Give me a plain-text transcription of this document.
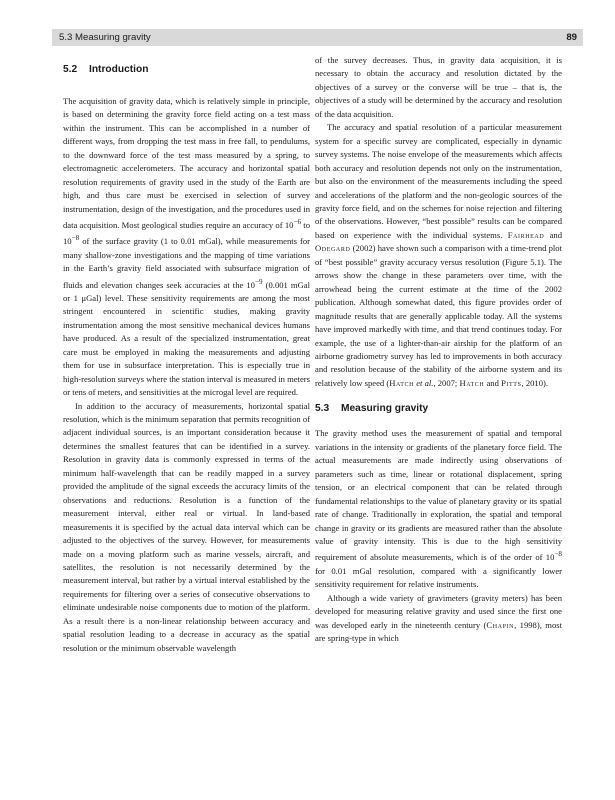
5.3 Measuring gravity	89
5.2 Introduction

The acquisition of gravity data, which is relatively simple in principle, is based on determining the gravity force field acting on a test mass within the instrument. This can be accomplished in a number of different ways, from dropping the test mass in free fall, to pendulums, to the downward force of the test mass measured by a spring, to electromagnetic accelerometers. The accuracy and horizontal spatial resolution requirements of gravity used in the study of the Earth are high, and thus care must be exercised in selection of survey instrumentation, design of the investigation, and the procedures used in data acquisition. Most geological studies require an accuracy of $10^{-6}$ to $10^{-8}$ of the surface gravity (1 to 0.01 mGal), while measurements for many shallow-zone investigations and the mapping of time variations in the Earth’s gravity field associated with subsurface migration of fluids and elevation changes seek accuracies at the $10^{-9}$ (0.001 mGal or 1 μGal) level. These sensitivity requirements are among the most stringent encountered in scientific studies, making gravity instrumentation among the most sensitive mechanical devices humans have produced. As a result of the specialized instrumentation, great care must be employed in making the measurements and adjusting them for use in subsurface interpretation. This is especially true in high-resolution surveys where the station interval is measured in meters or tens of meters, and sensitivities at the microgal level are required.

In addition to the accuracy of measurements, horizontal spatial resolution, which is the minimum separation that permits recognition of adjacent individual sources, is an important consideration because it determines the smallest features that can be identified in a survey. Resolution in gravity data is commonly expressed in terms of the minimum half-wavelength that can be readily mapped in a survey provided the amplitude of the signal exceeds the accuracy limits of the observations and reductions. Resolution is a function of the measurement interval, either real or virtual. In land-based measurements it is specified by the actual data interval which can be adjusted to the objectives of the survey. However, for measurements made on a moving platform such as marine vessels, aircraft, and satellites, the resolution is not necessarily determined by the measurement interval, but rather by a virtual interval established by the requirements for filtering over a series of consecutive observations to eliminate undesirable noise components due to motion of the platform. As a result there is a non-linear relationship between accuracy and spatial resolution leading to a decrease in accuracy as the spatial resolution or the minimum observable wavelength

of the survey decreases. Thus, in gravity data acquisition, it is necessary to obtain the accuracy and resolution dictated by the objectives of a survey or the converse will be true – that is, the objectives of a study will be determined by the accuracy and resolution of the data acquisition.

The accuracy and spatial resolution of a particular measurement system for a specific survey are complicated, especially in dynamic survey systems. The noise envelope of the measurements which affects both accuracy and resolution depends not only on the instrumentation, but also on the environment of the measurements including the speed and accelerations of the platform and the non-geologic sources of the gravity force field, and on the schemes for noise rejection and filtering of the observations. However, “best possible” results can be compared based on experience with the individual systems. Fairhead and Odegard (2002) have shown such a comparison with a time-trend plot of “best possible” gravity accuracy versus resolution (Figure 5.1). The arrows show the change in these parameters over time, with the arrowhead being the current estimate at the time of the 2002 publication. Although somewhat dated, this figure provides order of magnitude results that are generally applicable today. All the systems have improved markedly with time, and that trend continues today. For example, the use of a lighter-than-air airship for the platform of an airborne gradiometry survey has led to improvements in both accuracy and resolution because of the stability of the airborne system and its relatively low speed (Hatch et al., 2007; Hatch and Pitts, 2010).

5.3 Measuring gravity

The gravity method uses the measurement of spatial and temporal variations in the intensity or gradients of the planetary force field. The actual measurements are made indirectly using observations of parameters such as time, linear or rotational displacement, spring tension, or an electrical component that can be related through fundamental relationships to the value of planetary gravity or its spatial rate of change. Traditionally in exploration, the spatial and temporal change in gravity or its gradients are measured rather than the absolute value of gravity intensity. This is due to the high sensitivity requirement of absolute measurements, which is of the order of $10^{-8}$ for 0.01 mGal resolution, compared with a significantly lower sensitivity requirement for relative instruments.

Although a wide variety of gravimeters (gravity meters) has been developed for measuring relative gravity and used since the first one was developed early in the nineteenth century (Chapin, 1998), most are spring-type in which
